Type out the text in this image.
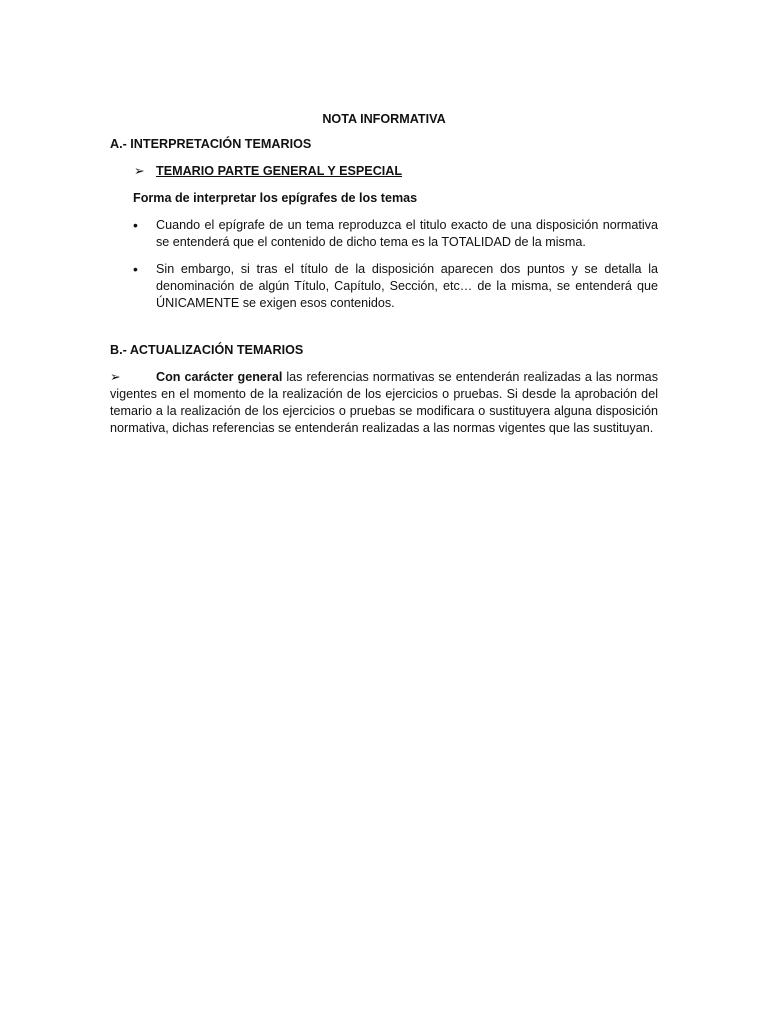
NOTA INFORMATIVA
A.- INTERPRETACIÓN TEMARIOS
➢ TEMARIO PARTE GENERAL Y ESPECIAL
Forma de interpretar los epígrafes de los temas
•	Cuando el epígrafe de un tema reproduzca el titulo exacto de una disposición normativa se entenderá que el contenido de dicho tema es la TOTALIDAD de la misma.
•	Sin embargo, si tras el título de la disposición aparecen dos puntos y se detalla la denominación de algún Título, Capítulo, Sección, etc… de la misma, se entenderá que ÚNICAMENTE se exigen esos contenidos.
B.- ACTUALIZACIÓN TEMARIOS

➢	Con carácter general las referencias normativas se entenderán realizadas a las normas vigentes en el momento de la realización de los ejercicios o pruebas. Si desde la aprobación del temario a la realización de los ejercicios o pruebas se modificara o sustituyera alguna disposición normativa, dichas referencias se entenderán realizadas a las normas vigentes que las sustituyan.
